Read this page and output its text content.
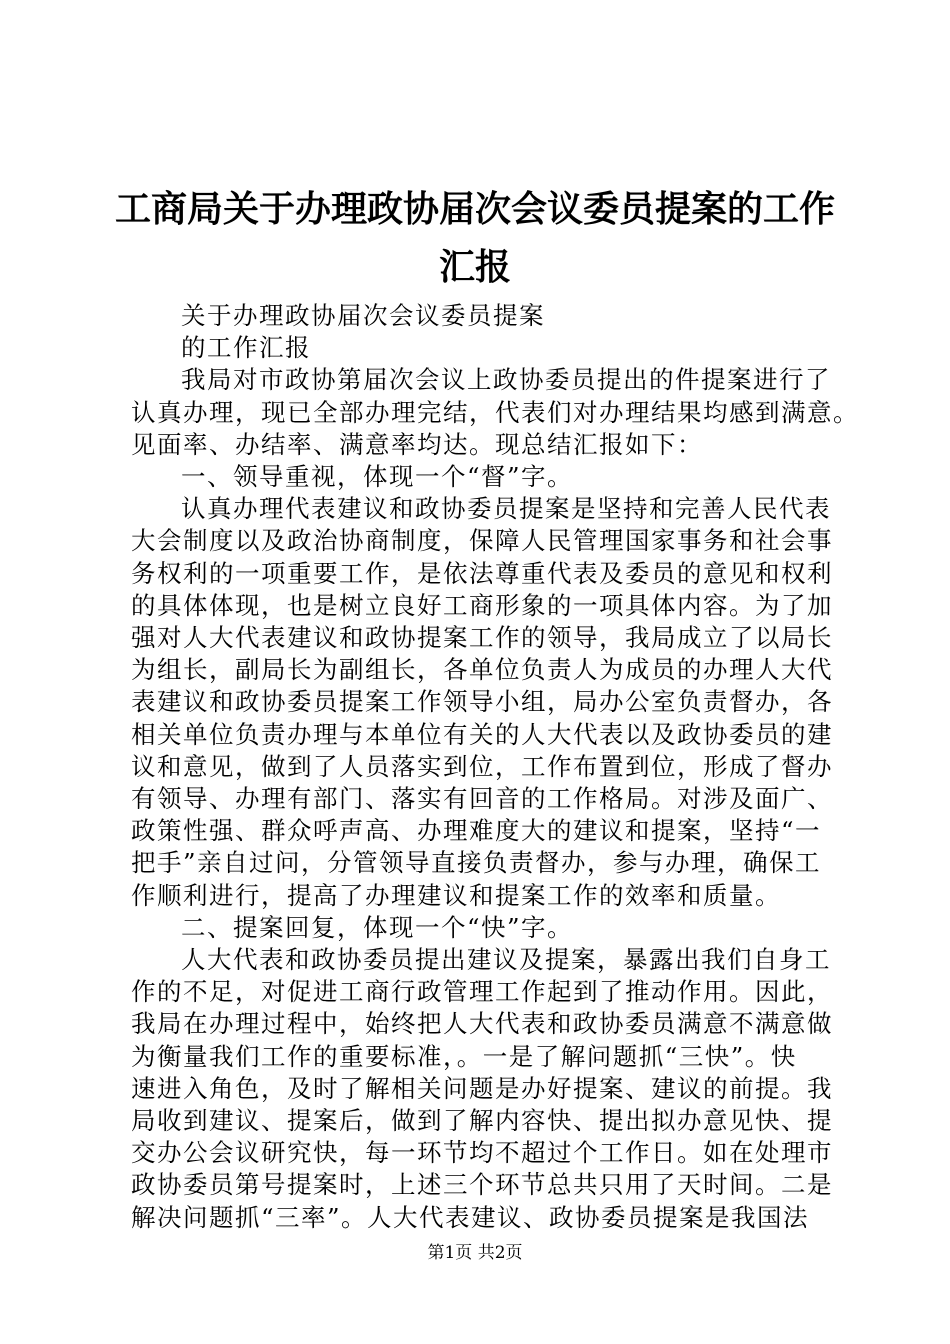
工商局关于办理政协届次会议委员提案的工作
汇报

关于办理政协届次会议委员提案

的工作汇报

我局对市政协第届次会议上政协委员提出的件提案进行了

认真办理，现已全部办理完结，代表们对办理结果均感到满意。

见面率、办结率、满意率均达。现总结汇报如下：

一、领导重视，体现一个“督”字。

认真办理代表建议和政协委员提案是坚持和完善人民代表

大会制度以及政治协商制度，保障人民管理国家事务和社会事

务权利的一项重要工作，是依法尊重代表及委员的意见和权利

的具体体现，也是树立良好工商形象的一项具体内容。为了加

强对人大代表建议和政协提案工作的领导，我局成立了以局长

为组长，副局长为副组长，各单位负责人为成员的办理人大代

表建议和政协委员提案工作领导小组，局办公室负责督办，各

相关单位负责办理与本单位有关的人大代表以及政协委员的建

议和意见，做到了人员落实到位，工作布置到位，形成了督办

有领导、办理有部门、落实有回音的工作格局。对涉及面广、

政策性强、群众呼声高、办理难度大的建议和提案，坚持“一

把手”亲自过问，分管领导直接负责督办，参与办理，确保工

作顺利进行，提高了办理建议和提案工作的效率和质量。

二、提案回复，体现一个“快”字。

人大代表和政协委员提出建议及提案，暴露出我们自身工

作的不足，对促进工商行政管理工作起到了推动作用。因此，

我局在办理过程中，始终把人大代表和政协委员满意不满意做

为衡量我们工作的重要标准，。一是了解问题抓“三快”。快

速进入角色，及时了解相关问题是办好提案、建议的前提。我

局收到建议、提案后，做到了解内容快、提出拟办意见快、提

交办公会议研究快，每一环节均不超过个工作日。如在处理市

政协委员第号提案时，上述三个环节总共只用了天时间。二是

解决问题抓“三率”。人大代表建议、政协委员提案是我国法

第1页 共2页
